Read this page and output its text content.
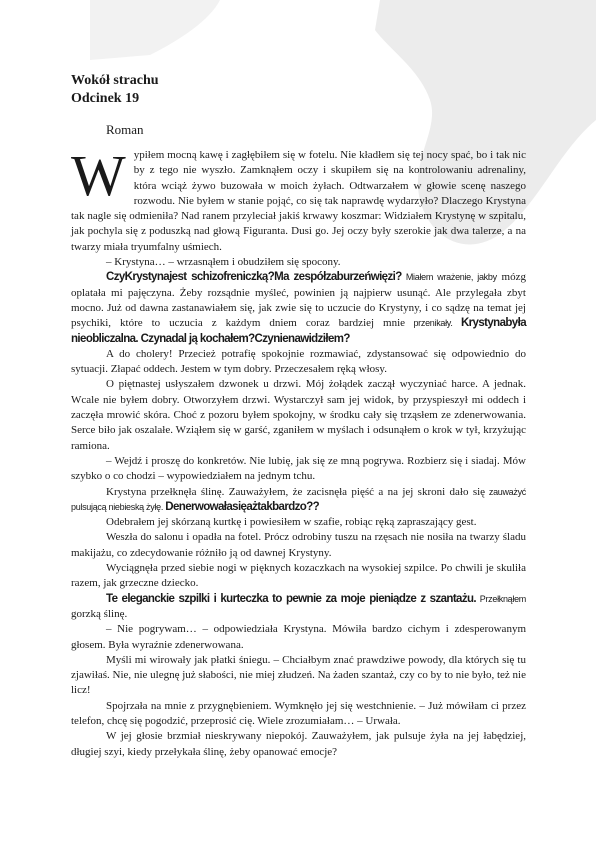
Wokół strachu

Odcinek 19

Roman

Wypiłem mocną kawę i zagłębiłem się w fotelu. Nie kładłem się tej nocy spać, bo i tak nic by z tego nie wyszło. Zamknąłem oczy i skupiłem się na kontrolowaniu adrenaliny, która wciąż żywo buzowała w moich żyłach. Odtwarzałem w głowie scenę naszego rozwodu. Nie byłem w stanie pojąć, co się tak naprawdę wydarzyło? Dlaczego Krystyna tak nagle się odmieniła? Nad ranem przyleciał jakiś krwawy koszmar: Widziałem Krystynę w szpitalu, jak pochyla się z poduszką nad głową Figuranta. Dusi go. Jej oczy były szerokie jak dwa talerze, a na twarzy miała tryumfalny uśmiech.

– Krystyna… – wrzasnąłem i obudziłem się spocony.

CzyKrystynajest schizofreniczką?Ma zespółzaburzeńwięzi? Miałem wrażenie, jakby mózg oplatała mi pajęczyna. Żeby rozsądnie myśleć, powinien ją najpierw usunąć. Ale przylegała zbyt mocno. Już od dawna zastanawiałem się, jak zwie się to uczucie do Krystyny, i co sądzę na temat jej psychiki, które to uczucia z każdym dniem coraz bardziej mnie przenikały. Krystynabyła nieobliczalna. Czynadal ją kochałem?Czynienawidziłem?

A do cholery! Przecież potrafię spokojnie rozmawiać, zdystansować się odpowiednio do sytuacji. Złapać oddech. Jestem w tym dobry. Przeczesałem ręką włosy.

O piętnastej usłyszałem dzwonek u drzwi. Mój żołądek zaczął wyczyniać harce. A jednak. Wcale nie byłem dobry. Otworzyłem drzwi. Wystarczył sam jej widok, by przyspieszył mi oddech i zaczęła mrowić skóra. Choć z pozoru byłem spokojny, w środku cały się trząsłem ze zdenerwowania. Serce biło jak oszalałe. Wziąłem się w garść, zganiłem w myślach i odsunąłem o krok w tył, krzyżując ramiona.

– Wejdź i proszę do konkretów. Nie lubię, jak się ze mną pogrywa. Rozbierz się i siadaj. Mów szybko o co chodzi – wypowiedziałem na jednym tchu.

Krystyna przełknęła ślinę. Zauważyłem, że zacisnęła pięść a na jej skroni dało się zauważyć pulsującą niebieską żyłę. Denerwowałasięażtakbardzo??

Odebrałem jej skórzaną kurtkę i powiesiłem w szafie, robiąc ręką zapraszający gest.

Weszła do salonu i opadła na fotel. Prócz odrobiny tuszu na rzęsach nie nosiła na twarzy śladu makijażu, co zdecydowanie różniło ją od dawnej Krystyny.

Wyciągnęła przed siebie nogi w pięknych kozaczkach na wysokiej szpilce. Po chwili je skuliła razem, jak grzeczne dziecko.

Te eleganckie szpilki i kurteczka to pewnie za moje pieniądze z szantażu. Przełknąłem gorzką ślinę.

– Nie pogrywam… – odpowiedziała Krystyna. Mówiła bardzo cichym i zdesperowanym głosem. Była wyraźnie zdenerwowana.

Myśli mi wirowały jak płatki śniegu. – Chciałbym znać prawdziwe powody, dla których się tu zjawiłaś. Nie, nie ulegnę już słabości, nie miej złudzeń. Na żaden szantaż, czy co by to nie było, też nie licz!

Spojrzała na mnie z przygnębieniem. Wymknęło jej się westchnienie. – Już mówiłam ci przez telefon, chcę się pogodzić, przeprosić cię. Wiele zrozumiałam… – Urwała.

W jej głosie brzmiał nieskrywany niepokój. Zauważyłem, jak pulsuje żyła na jej łabędziej, długiej szyi, kiedy przełykała ślinę, żeby opanować emocje?
